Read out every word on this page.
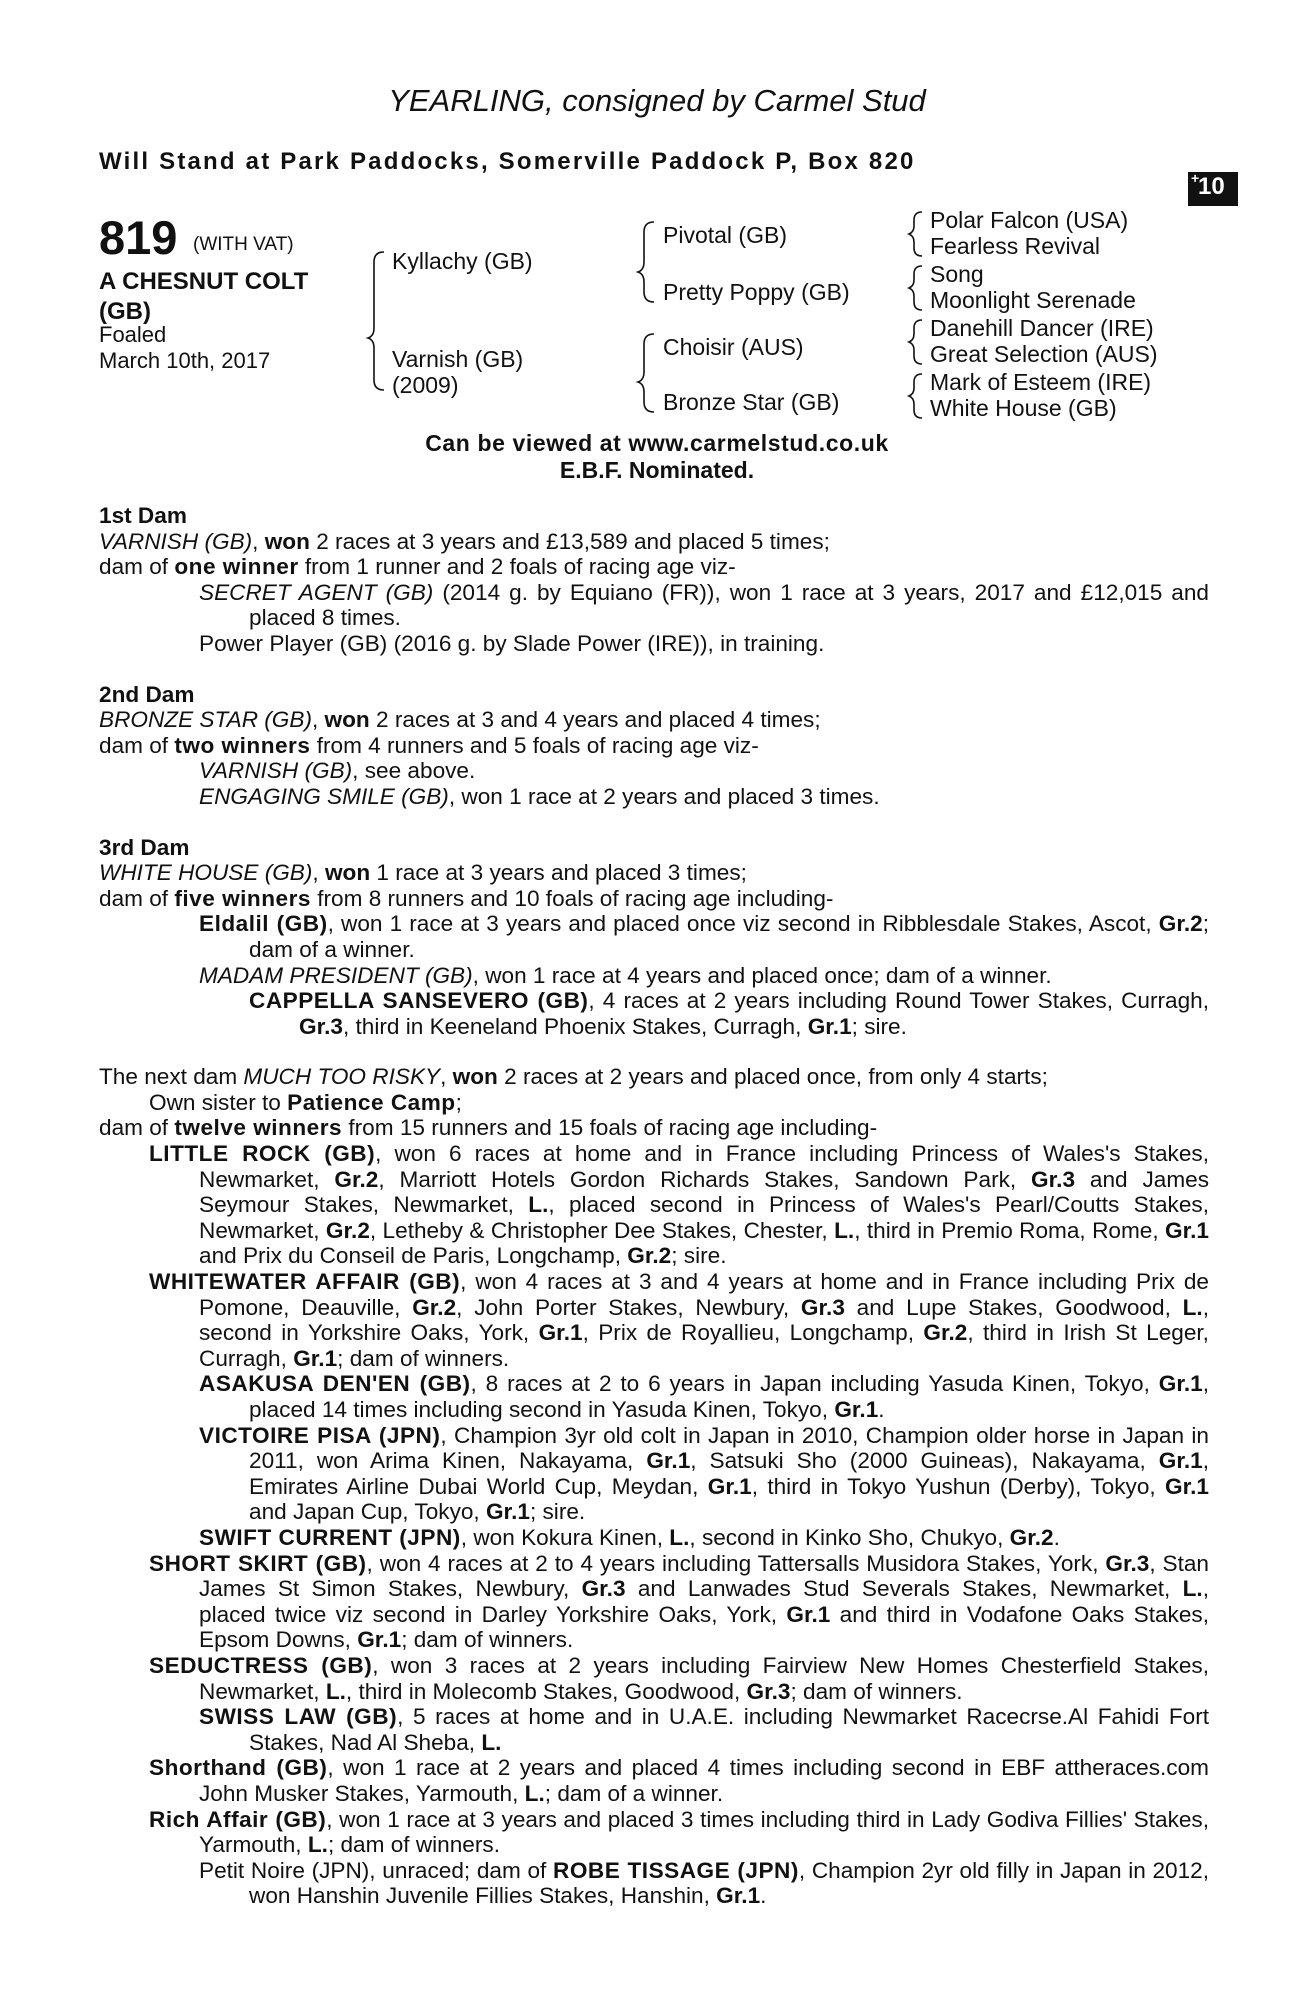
YEARLING, consigned by Carmel Stud
Will Stand at Park Paddocks, Somerville Paddock P, Box 820
+
10
819 (WITH VAT)
A CHESNUT COLT
(GB)
Foaled
March 10th, 2017
Kyllachy (GB)
Varnish (GB)
(2009)
Pivotal (GB)
Pretty Poppy (GB)
Choisir (AUS)
Bronze Star (GB)
Polar Falcon (USA)
Fearless Revival
Song
Moonlight Serenade
Danehill Dancer (IRE)
Great Selection (AUS)
Mark of Esteem (IRE)
White House (GB)
Can be viewed at www.carmelstud.co.uk
E.B.F. Nominated.

1st Dam

VARNISH (GB), won 2 races at 3 years and £13,589 and placed 5 times;

dam of one winner from 1 runner and 2 foals of racing age viz-

SECRET AGENT (GB) (2014 g. by Equiano (FR)), won 1 race at 3 years, 2017 and £12,015 and placed 8 times.

Power Player (GB) (2016 g. by Slade Power (IRE)), in training.

2nd Dam

BRONZE STAR (GB), won 2 races at 3 and 4 years and placed 4 times;

dam of two winners from 4 runners and 5 foals of racing age viz-

VARNISH (GB), see above.

ENGAGING SMILE (GB), won 1 race at 2 years and placed 3 times.

3rd Dam

WHITE HOUSE (GB), won 1 race at 3 years and placed 3 times;

dam of five winners from 8 runners and 10 foals of racing age including-

Eldalil (GB), won 1 race at 3 years and placed once viz second in Ribblesdale Stakes, Ascot, Gr.2; dam of a winner.

MADAM PRESIDENT (GB), won 1 race at 4 years and placed once; dam of a winner.

CAPPELLA SANSEVERO (GB), 4 races at 2 years including Round Tower Stakes, Curragh, Gr.3, third in Keeneland Phoenix Stakes, Curragh, Gr.1; sire.

The next dam MUCH TOO RISKY, won 2 races at 2 years and placed once, from only 4 starts;

Own sister to Patience Camp;

dam of twelve winners from 15 runners and 15 foals of racing age including-

LITTLE ROCK (GB), won 6 races at home and in France including Princess of Wales's Stakes, Newmarket, Gr.2, Marriott Hotels Gordon Richards Stakes, Sandown Park, Gr.3 and James Seymour Stakes, Newmarket, L., placed second in Princess of Wales's Pearl/Coutts Stakes, Newmarket, Gr.2, Letheby & Christopher Dee Stakes, Chester, L., third in Premio Roma, Rome, Gr.1 and Prix du Conseil de Paris, Longchamp, Gr.2; sire.

WHITEWATER AFFAIR (GB), won 4 races at 3 and 4 years at home and in France including Prix de Pomone, Deauville, Gr.2, John Porter Stakes, Newbury, Gr.3 and Lupe Stakes, Goodwood, L., second in Yorkshire Oaks, York, Gr.1, Prix de Royallieu, Longchamp, Gr.2, third in Irish St Leger, Curragh, Gr.1; dam of winners.

ASAKUSA DEN'EN (GB), 8 races at 2 to 6 years in Japan including Yasuda Kinen, Tokyo, Gr.1, placed 14 times including second in Yasuda Kinen, Tokyo, Gr.1.

VICTOIRE PISA (JPN), Champion 3yr old colt in Japan in 2010, Champion older horse in Japan in 2011, won Arima Kinen, Nakayama, Gr.1, Satsuki Sho (2000 Guineas), Nakayama, Gr.1, Emirates Airline Dubai World Cup, Meydan, Gr.1, third in Tokyo Yushun (Derby), Tokyo, Gr.1 and Japan Cup, Tokyo, Gr.1; sire.

SWIFT CURRENT (JPN), won Kokura Kinen, L., second in Kinko Sho, Chukyo, Gr.2.

SHORT SKIRT (GB), won 4 races at 2 to 4 years including Tattersalls Musidora Stakes, York, Gr.3, Stan James St Simon Stakes, Newbury, Gr.3 and Lanwades Stud Severals Stakes, Newmarket, L., placed twice viz second in Darley Yorkshire Oaks, York, Gr.1 and third in Vodafone Oaks Stakes, Epsom Downs, Gr.1; dam of winners.

SEDUCTRESS (GB), won 3 races at 2 years including Fairview New Homes Chesterfield Stakes, Newmarket, L., third in Molecomb Stakes, Goodwood, Gr.3; dam of winners.

SWISS LAW (GB), 5 races at home and in U.A.E. including Newmarket Racecrse.Al Fahidi Fort Stakes, Nad Al Sheba, L.

Shorthand (GB), won 1 race at 2 years and placed 4 times including second in EBF attheraces.com John Musker Stakes, Yarmouth, L.; dam of a winner.

Rich Affair (GB), won 1 race at 3 years and placed 3 times including third in Lady Godiva Fillies' Stakes, Yarmouth, L.; dam of winners.

Petit Noire (JPN), unraced; dam of ROBE TISSAGE (JPN), Champion 2yr old filly in Japan in 2012, won Hanshin Juvenile Fillies Stakes, Hanshin, Gr.1.
